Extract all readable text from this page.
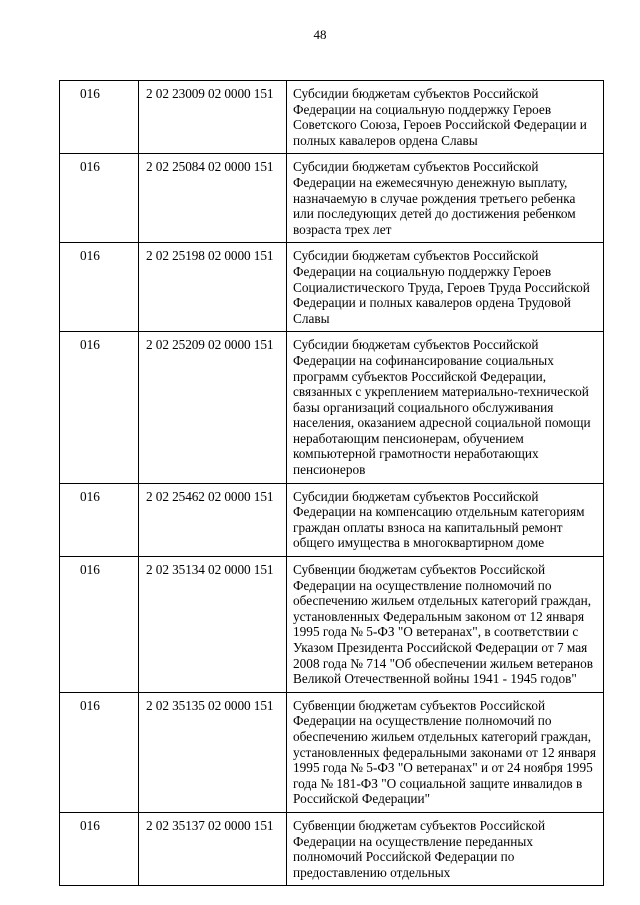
48
016	2 02 23009 02 0000 151	Субсидии бюджетам субъектов Российской Федерации на социальную поддержку Героев Советского Союза, Героев Российской Федерации и полных кавалеров ордена Славы
016	2 02 25084 02 0000 151	Субсидии бюджетам субъектов Российской Федерации на ежемесячную денежную выплату, назначаемую в случае рождения третьего ребенка или последующих детей до достижения ребенком возраста трех лет
016	2 02 25198 02 0000 151	Субсидии бюджетам субъектов Российской Федерации на социальную поддержку Героев Социалистического Труда, Героев Труда Российской Федерации и полных кавалеров ордена Трудовой Славы
016	2 02 25209 02 0000 151	Субсидии бюджетам субъектов Российской Федерации на софинансирование социальных программ субъектов Российской Федерации, связанных с укреплением материально-технической базы организаций социального обслуживания населения, оказанием адресной социальной помощи неработающим пенсионерам, обучением компьютерной грамотности неработающих пенсионеров
016	2 02 25462 02 0000 151	Субсидии бюджетам субъектов Российской Федерации на компенсацию отдельным категориям граждан оплаты взноса на капитальный ремонт общего имущества в многоквартирном доме
016	2 02 35134 02 0000 151	Субвенции бюджетам субъектов Российской Федерации на осуществление полномочий по обеспечению жильем отдельных категорий граждан, установленных Федеральным законом от 12 января 1995 года № 5-ФЗ "О ветеранах", в соответствии с Указом Президента Российской Федерации от 7 мая 2008 года № 714 "Об обеспечении жильем ветеранов Великой Отечественной войны 1941 - 1945 годов"
016	2 02 35135 02 0000 151	Субвенции бюджетам субъектов Российской Федерации на осуществление полномочий по обеспечению жильем отдельных категорий граждан, установленных федеральными законами от 12 января 1995 года № 5-ФЗ "О ветеранах" и от 24 ноября 1995 года № 181-ФЗ "О социальной защите инвалидов в Российской Федерации"
016	2 02 35137 02 0000 151	Субвенции бюджетам субъектов Российской Федерации на осуществление переданных полномочий Российской Федерации по предоставлению отдельных
